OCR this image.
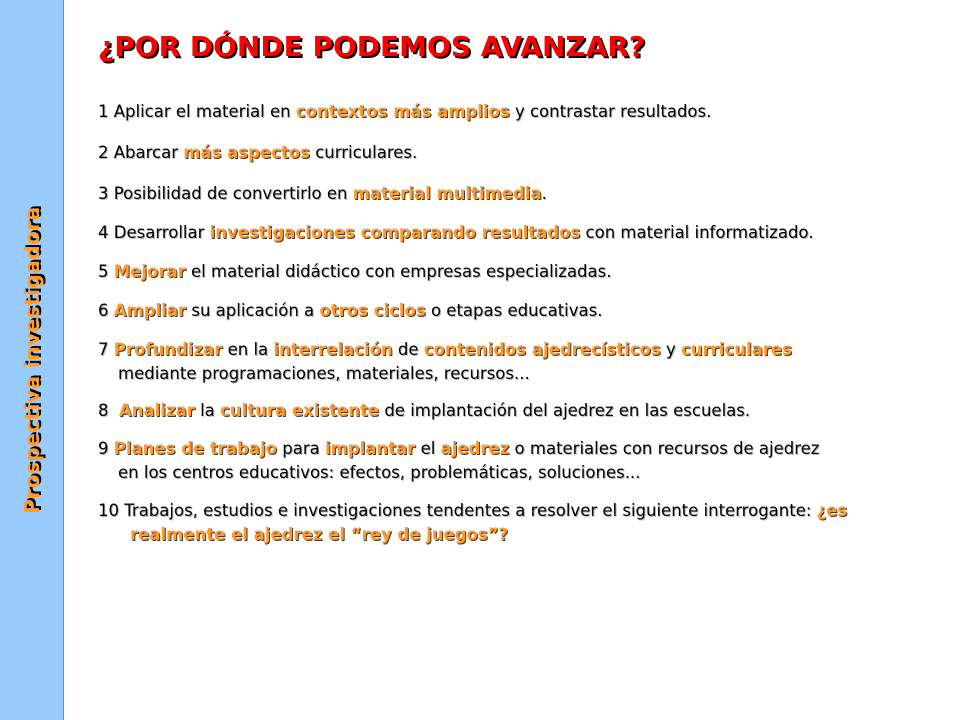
Prospectiva investigadora
¿POR DÓNDE PODEMOS AVANZAR?
1 Aplicar el material en contextos más amplios y contrastar resultados.
2 Abarcar más aspectos curriculares.
3 Posibilidad de convertirlo en material multimedia.
4 Desarrollar investigaciones comparando resultados con material informatizado.
5 Mejorar el material didáctico con empresas especializadas.
6 Ampliar su aplicación a otros ciclos o etapas educativas.
7 Profundizar en la interrelación de contenidos ajedrecísticos y curriculares
mediante programaciones, materiales, recursos...
8 Analizar la cultura existente de implantación del ajedrez en las escuelas.
9 Planes de trabajo para implantar el ajedrez o materiales con recursos de ajedrez
en los centros educativos: efectos, problemáticas, soluciones...
10 Trabajos, estudios e investigaciones tendentes a resolver el siguiente interrogante: ¿es
realmente el ajedrez el “rey de juegos”?
